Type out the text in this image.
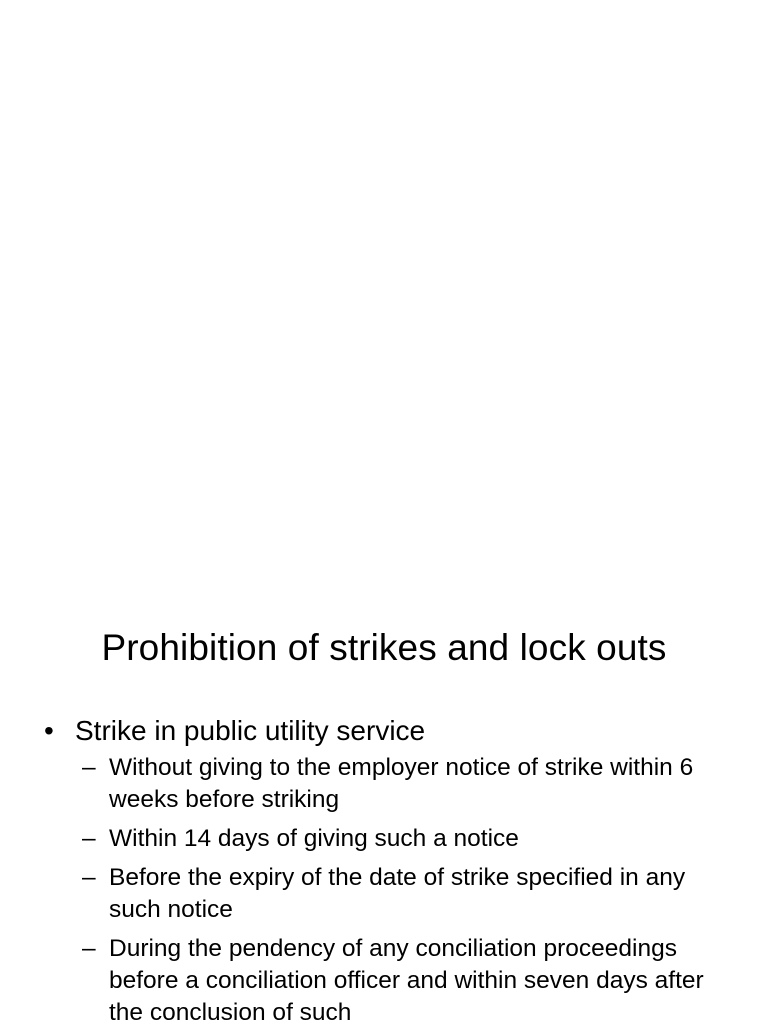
Prohibition of strikes and lock outs
• Strike in public utility service
– Without giving to the employer notice of strike within 6 weeks before striking
– Within 14 days of giving such a notice
– Before the expiry of the date of strike specified in any such notice
– During the pendency of any conciliation proceedings before a conciliation officer and within seven days after the conclusion of such
